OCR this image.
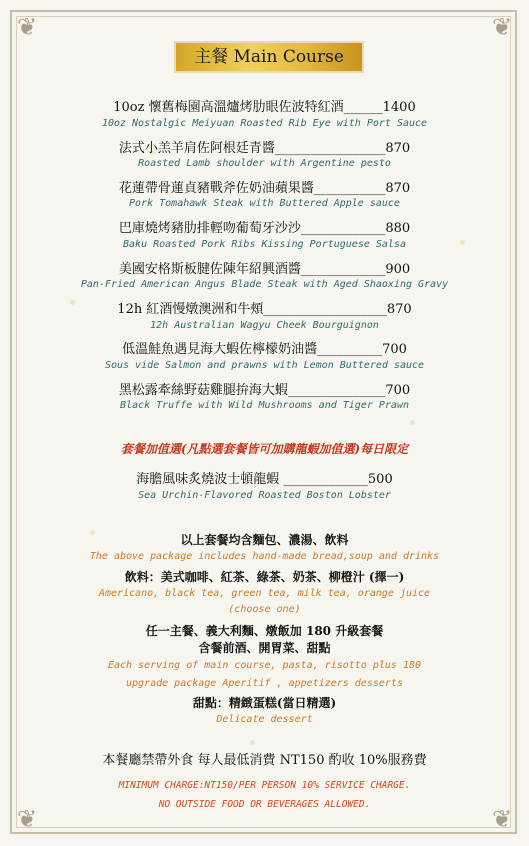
❦	❦
❦	❦
主餐 Main Course
10oz 懷舊梅園高溫爐烤肋眼佐波特紅酒______1400
10oz Nostalgic Meiyuan Roasted Rib Eye with Port Sauce
法式小羔羊肩佐阿根廷青醬_________________870
Roasted Lamb shoulder with Argentine pesto
花蓮帶骨蓮貞豬戰斧佐奶油蘋果醬___________870
Pork Tomahawk Steak with Buttered Apple sauce
巴庫燒烤豬肋排輕吻葡萄牙沙沙_____________880
Baku Roasted Pork Ribs Kissing Portuguese Salsa
美國安格斯板腱佐陳年紹興酒醬_____________900
Pan-Fried American Angus Blade Steak with Aged Shaoxing Gravy
12h 紅酒慢燉澳洲和牛頰___________________870
12h Australian Wagyu Cheek Bourguignon
低溫鮭魚遇見海大蝦佐檸檬奶油醬__________700
Sous vide Salmon and prawns with Lemon Buttered sauce
黑松露牽絲野菇雞腿拚海大蝦_______________700
Black Truffe with Wild Mushrooms and Tiger Prawn
套餐加值選(凡點選套餐皆可加購龍蝦加值選)每日限定
海膽風味炙燒波士頓龍蝦 _____________500
Sea Urchin-Flavored Roasted Boston Lobster
以上套餐均含麵包、濃湯、飲料
The above package includes hand-made bread,soup and drinks
飲料：美式咖啡、紅茶、綠茶、奶茶、柳橙汁 (擇一)
Americano, black tea, green tea, milk tea, orange juice
(choose one)
任一主餐、義大利麵、燉飯加 180 升級套餐
含餐前酒、開胃菜、甜點
Each serving of main course, pasta, risotto plus 180
upgrade package Aperitif , appetizers desserts
甜點：精緻蛋糕(當日精選)
Delicate dessert
本餐廳禁帶外食 每人最低消費 NT150 酌收 10%服務費
MINIMUM CHARGE:NT150/PER PERSON 10% SERVICE CHARGE.
NO OUTSIDE FOOD OR BEVERAGES ALLOWED.
